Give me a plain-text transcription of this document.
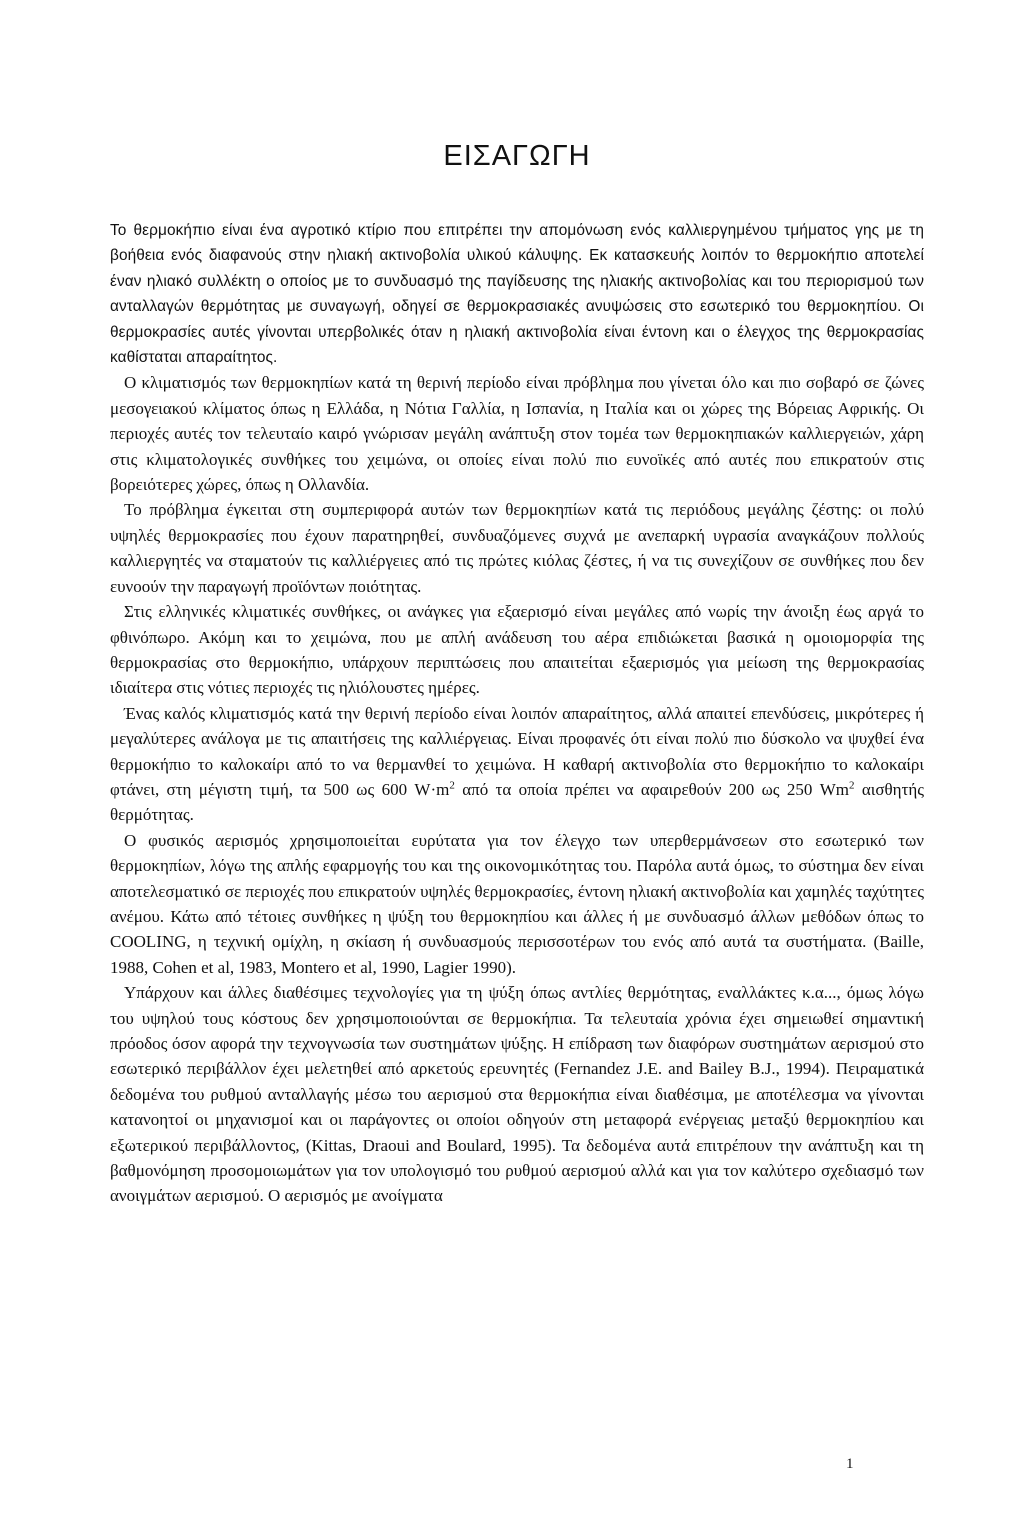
ΕΙΣΑΓΩΓΗ

Το θερμοκήπιο είναι ένα αγροτικό κτίριο που επιτρέπει την απομόνωση ενός καλλιεργημένου τμήματος γης με τη βοήθεια ενός διαφανούς στην ηλιακή ακτινοβολία υλικού κάλυψης. Εκ κατασκευής λοιπόν το θερμοκήπιο αποτελεί έναν ηλιακό συλλέκτη ο οποίος με το συνδυασμό της παγίδευσης της ηλιακής ακτινοβολίας και του περιορισμού των ανταλλαγών θερμότητας με συναγωγή, οδηγεί σε θερμοκρασιακές ανυψώσεις στο εσωτερικό του θερμοκηπίου. Οι θερμοκρασίες αυτές γίνονται υπερβολικές όταν η ηλιακή ακτινοβολία είναι έντονη και ο έλεγχος της θερμοκρασίας καθίσταται απαραίτητος.

Ο κλιματισμός των θερμοκηπίων κατά τη θερινή περίοδο είναι πρόβλημα που γίνεται όλο και πιο σοβαρό σε ζώνες μεσογειακού κλίματος όπως η Ελλάδα, η Νότια Γαλλία, η Ισπανία, η Ιταλία και οι χώρες της Βόρειας Αφρικής. Οι περιοχές αυτές τον τελευταίο καιρό γνώρισαν μεγάλη ανάπτυξη στον τομέα των θερμοκηπιακών καλλιεργειών, χάρη στις κλιματολογικές συνθήκες του χειμώνα, οι οποίες είναι πολύ πιο ευνοϊκές από αυτές που επικρατούν στις βορειότερες χώρες, όπως η Ολλανδία.

Το πρόβλημα έγκειται στη συμπεριφορά αυτών των θερμοκηπίων κατά τις περιόδους μεγάλης ζέστης: οι πολύ υψηλές θερμοκρασίες που έχουν παρατηρηθεί, συνδυαζόμενες συχνά με ανεπαρκή υγρασία αναγκάζουν πολλούς καλλιεργητές να σταματούν τις καλλιέργειες από τις πρώτες κιόλας ζέστες, ή να τις συνεχίζουν σε συνθήκες που δεν ευνοούν την παραγωγή προϊόντων ποιότητας.

Στις ελληνικές κλιματικές συνθήκες, οι ανάγκες για εξαερισμό είναι μεγάλες από νωρίς την άνοιξη έως αργά το φθινόπωρο. Ακόμη και το χειμώνα, που με απλή ανάδευση του αέρα επιδιώκεται βασικά η ομοιομορφία της θερμοκρασίας στο θερμοκήπιο, υπάρχουν περιπτώσεις που απαιτείται εξαερισμός για μείωση της θερμοκρασίας ιδιαίτερα στις νότιες περιοχές τις ηλιόλουστες ημέρες.

Ένας καλός κλιματισμός κατά την θερινή περίοδο είναι λοιπόν απαραίτητος, αλλά απαιτεί επενδύσεις, μικρότερες ή μεγαλύτερες ανάλογα με τις απαιτήσεις της καλλιέργειας. Είναι προφανές ότι είναι πολύ πιο δύσκολο να ψυχθεί ένα θερμοκήπιο το καλοκαίρι από το να θερμανθεί το χειμώνα. Η καθαρή ακτινοβολία στο θερμοκήπιο το καλοκαίρι φτάνει, στη μέγιστη τιμή, τα 500 ως 600 $W\cdot m^2$ από τα οποία πρέπει να αφαιρεθούν 200 ως 250 Wm$^2$ αισθητής θερμότητας.

Ο φυσικός αερισμός χρησιμοποιείται ευρύτατα για τον έλεγχο των υπερθερμάνσεων στο εσωτερικό των θερμοκηπίων, λόγω της απλής εφαρμογής του και της οικονομικότητας του. Παρόλα αυτά όμως, το σύστημα δεν είναι αποτελεσματικό σε περιοχές που επικρατούν υψηλές θερμοκρασίες, έντονη ηλιακή ακτινοβολία και χαμηλές ταχύτητες ανέμου. Κάτω από τέτοιες συνθήκες η ψύξη του θερμοκηπίου και άλλες ή με συνδυασμό άλλων μεθόδων όπως το COOLING, η τεχνική ομίχλη, η σκίαση ή συνδυασμούς περισσοτέρων του ενός από αυτά τα συστήματα. (Baille, 1988, Cohen et al, 1983, Montero et al, 1990, Lagier 1990).

Υπάρχουν και άλλες διαθέσιμες τεχνολογίες για τη ψύξη όπως αντλίες θερμότητας, εναλλάκτες κ.α..., όμως λόγω του υψηλού τους κόστους δεν χρησιμοποιούνται σε θερμοκήπια. Τα τελευταία χρόνια έχει σημειωθεί σημαντική πρόοδος όσον αφορά την τεχνογνωσία των συστημάτων ψύξης. Η επίδραση των διαφόρων συστημάτων αερισμού στο εσωτερικό περιβάλλον έχει μελετηθεί από αρκετούς ερευνητές (Fernandez J.E. and Bailey B.J., 1994). Πειραματικά δεδομένα του ρυθμού ανταλλαγής μέσω του αερισμού στα θερμοκήπια είναι διαθέσιμα, με αποτέλεσμα να γίνονται κατανοητοί οι μηχανισμοί και οι παράγοντες οι οποίοι οδηγούν στη μεταφορά ενέργειας μεταξύ θερμοκηπίου και εξωτερικού περιβάλλοντος, (Kittas, Draoui and Boulard, 1995). Τα δεδομένα αυτά επιτρέπουν την ανάπτυξη και τη βαθμονόμηση προσομοιωμάτων για τον υπολογισμό του ρυθμού αερισμού αλλά και για τον καλύτερο σχεδιασμό των ανοιγμάτων αερισμού. Ο αερισμός με ανοίγματα

1
